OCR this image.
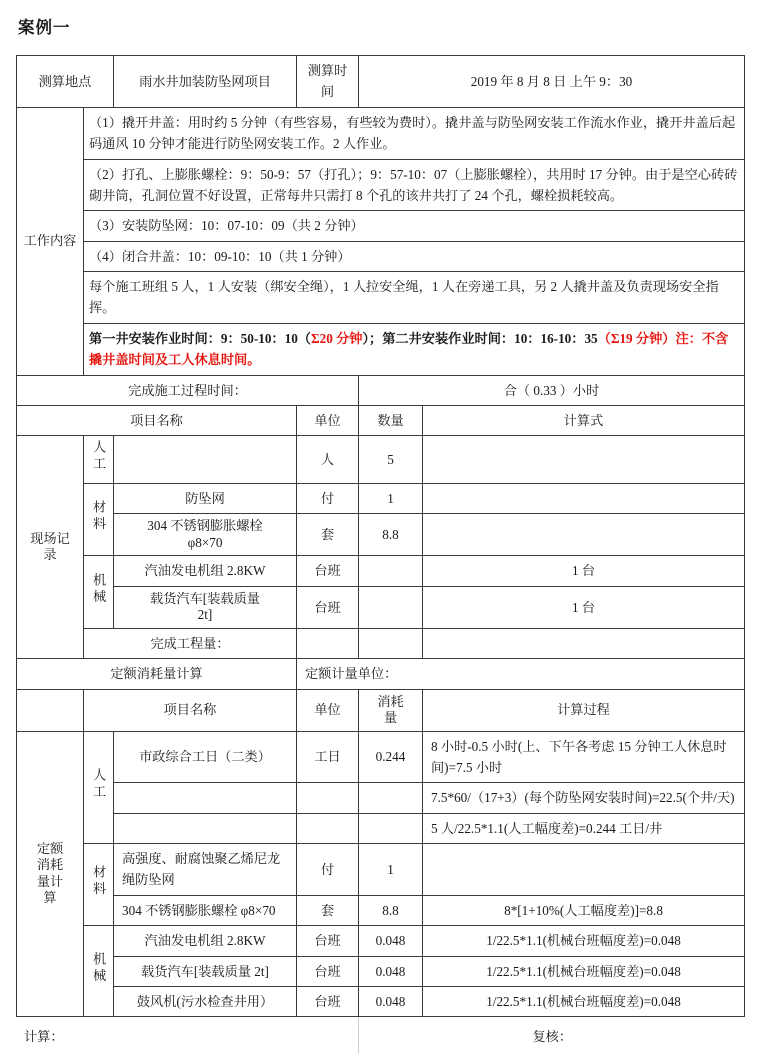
案例一
测算地点		雨水井加装防坠网项目	测算时间	2019 年 8 月 8 日 上午 9：30	
工作内容	（1）撬开井盖：用时约 5 分钟（有些容易，有些较为费时）。撬井盖与防坠网安装工作流水作业，撬开井盖后起码通风 10 分钟才能进行防坠网安装工作。2 人作业。				
	（2）打孔、上膨胀螺栓：9：50-9：57（打孔）；9：57-10：07（上膨胀螺栓），共用时 17 分钟。由于是空心砖砖砌井筒，孔洞位置不好设置，正常每井只需打 8 个孔的该井共打了 24 个孔，螺栓损耗较高。				
	（3）安装防坠网：10：07-10：09（共 2 分钟）				
	（4）闭合井盖：10：09-10：10（共 1 分钟）				
	每个施工班组 5 人，1 人安装（绑安全绳），1 人拉安全绳，1 人在旁递工具，另 2 人撬井盖及负责现场安全指挥。				
	第一井安装作业时间：9：50-10：10（Σ20 分钟）；第二井安装作业时间：10：16-10：35（Σ19 分钟）注：不含撬井盖时间及工人休息时间。				
完成施工过程时间：				合（ 0.33 ）小时	
项目名称			单位	数量	计算式

现场记
录	人工		人	5	
	材料	防坠网	付	1	

		304 不锈钢膨胀螺栓
φ8×70	套	8.8	
	机械	汽油发电机组 2.8KW	台班		1 台

		载货汽车[装载质量
2t]	台班		1 台
	完成工程量：				
定额消耗量计算			定额计量单位：		
	项目名称		单位	消耗
量	计算过程

定额
消耗
量计
算	人工	市政综合工日（二类）	工日	0.244	8 小时-0.5 小时(上、下午各考虑 15 分钟工人休息时间)=7.5 小时
					7.5*60/（17+3）(每个防坠网安装时间)=22.5(个井/天)
					5 人/22.5*1.1(人工幅度差)=0.244 工日/井
	材料	高强度、耐腐蚀聚乙烯尼龙绳防坠网	付	1	
		304 不锈钢膨胀螺栓 φ8×70	套	8.8	8*[1+10%(人工幅度差)]=8.8
	机械	汽油发电机组 2.8KW	台班	0.048	1/22.5*1.1(机械台班幅度差)=0.048
		载货汽车[装载质量 2t]	台班	0.048	1/22.5*1.1(机械台班幅度差)=0.048
		鼓风机(污水检查井用）	台班	0.048	1/22.5*1.1(机械台班幅度差)=0.048
计算：	复核：
